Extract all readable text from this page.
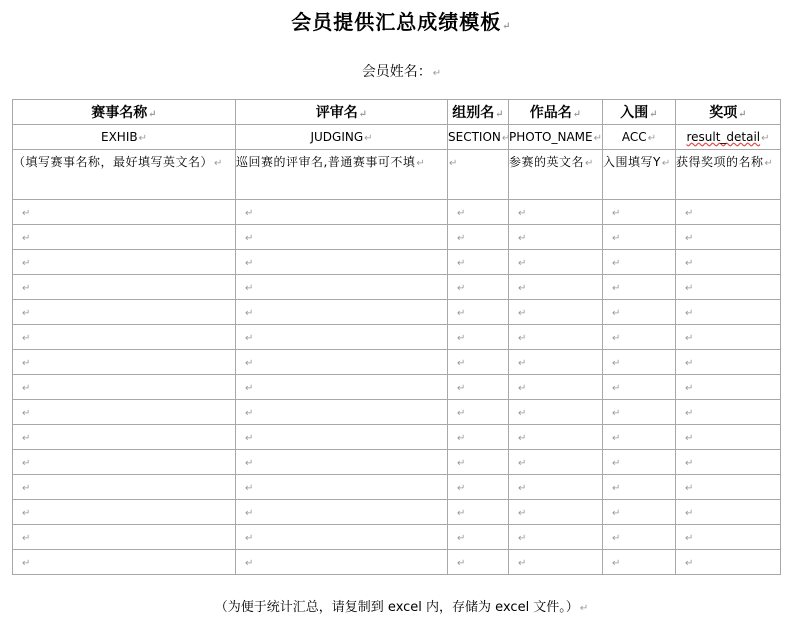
会员提供汇总成绩模板↵
会员姓名：↵
赛事名称↵	评审名↵	组别名↵	作品名↵	入围↵	奖项↵
EXHIB↵	JUDGING↵	SECTION↵	PHOTO_NAME↵	ACC↵	result_detail↵
（填写赛事名称，最好填写英文名）↵	巡回赛的评审名,普通赛事可不填↵	↵	参赛的英文名↵	入围填写Y↵	获得奖项的名称↵
↵	↵	↵	↵	↵	↵
↵	↵	↵	↵	↵	↵
↵	↵	↵	↵	↵	↵
↵	↵	↵	↵	↵	↵
↵	↵	↵	↵	↵	↵
↵	↵	↵	↵	↵	↵
↵	↵	↵	↵	↵	↵
↵	↵	↵	↵	↵	↵
↵	↵	↵	↵	↵	↵
↵	↵	↵	↵	↵	↵
↵	↵	↵	↵	↵	↵
↵	↵	↵	↵	↵	↵
↵	↵	↵	↵	↵	↵
↵	↵	↵	↵	↵	↵
↵	↵	↵	↵	↵	↵
（为便于统计汇总，请复制到 excel 内，存储为 excel 文件。）↵
